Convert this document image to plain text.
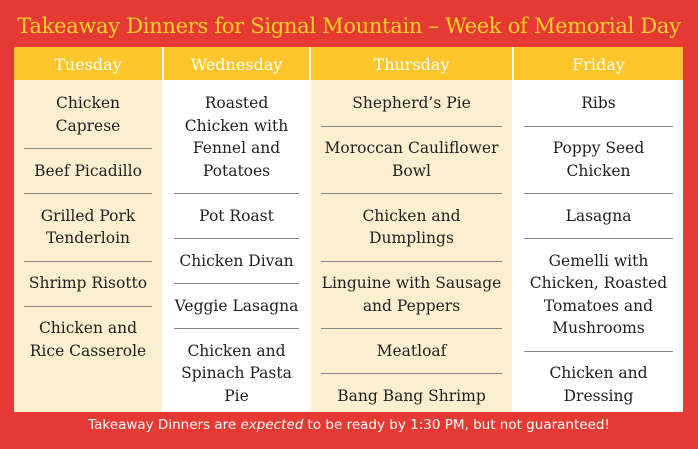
Takeaway Dinners for Signal Mountain – Week of Memorial Day
Tuesday
Chicken
Caprese
Beef Picadillo
Grilled Pork
Tenderloin
Shrimp Risotto
Chicken and
Rice Casserole
Wednesday
Roasted
Chicken with
Fennel and
Potatoes
Pot Roast
Chicken Divan
Veggie Lasagna
Chicken and
Spinach Pasta
Pie
Thursday
Shepherd’s Pie
Moroccan Cauliflower
Bowl
Chicken and
Dumplings
Linguine with Sausage
and Peppers
Meatloaf
Bang Bang Shrimp
Friday
Ribs
Poppy Seed
Chicken
Lasagna
Gemelli with
Chicken, Roasted
Tomatoes and
Mushrooms
Chicken and
Dressing
Takeaway Dinners are expected to be ready by 1:30 PM, but not guaranteed!
